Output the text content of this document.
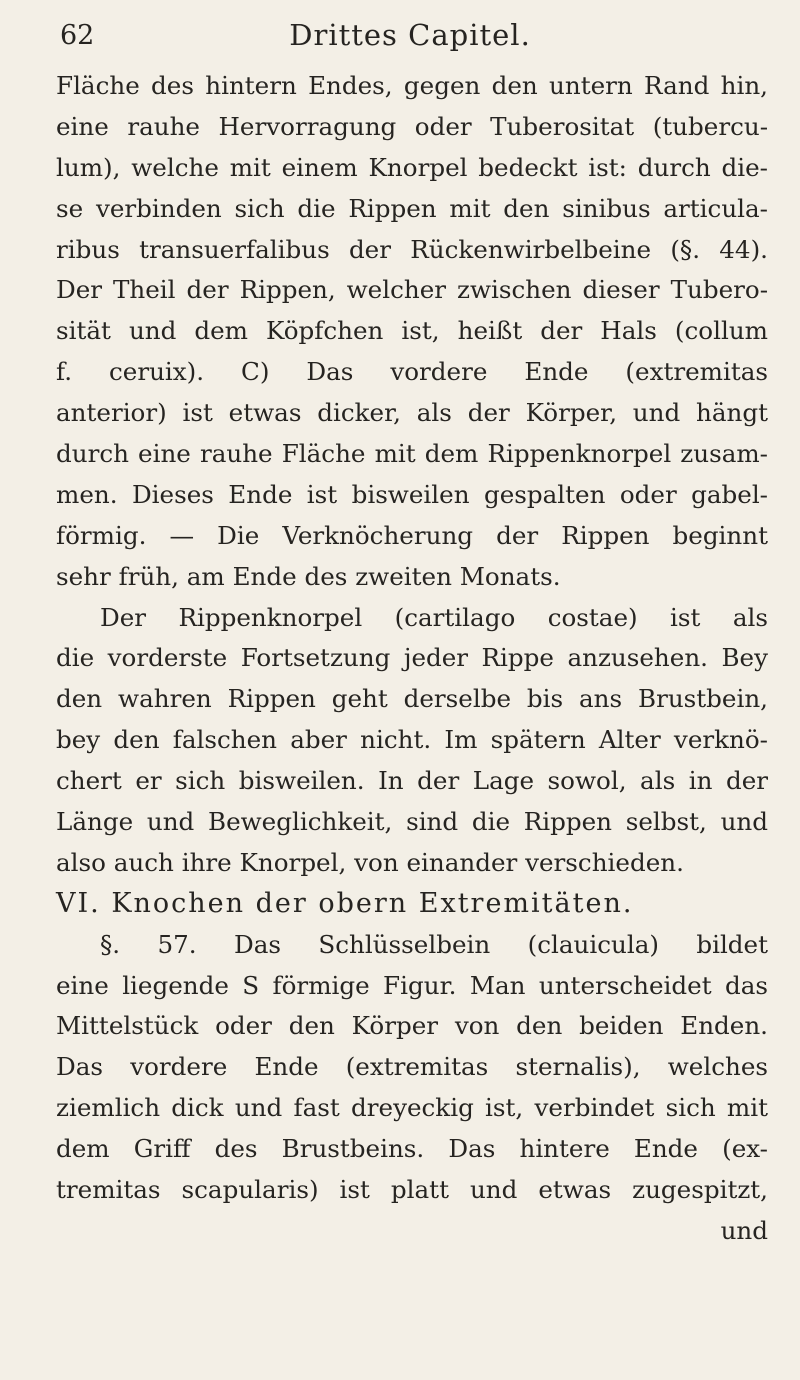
62	Drittes Capitel.
Fläche des hintern Endes, gegen den untern Rand hin,
eine rauhe Hervorragung oder Tuberositat (tubercu-
lum), welche mit einem Knorpel bedeckt ist: durch die-
se verbinden sich die Rippen mit den sinibus articula-
ribus transuerfalibus der Rückenwirbelbeine (§. 44).
Der Theil der Rippen, welcher zwischen dieser Tubero-
sität und dem Köpfchen ist, heißt der Hals (collum
f. ceruix). C) Das vordere Ende (extremitas
anterior) ist etwas dicker, als der Körper, und hängt
durch eine rauhe Fläche mit dem Rippenknorpel zusam-
men. Dieses Ende ist bisweilen gespalten oder gabel-
förmig. — Die Verknöcherung der Rippen beginnt
sehr früh, am Ende des zweiten Monats.
Der Rippenknorpel (cartilago costae) ist als
die vorderste Fortsetzung jeder Rippe anzusehen. Bey
den wahren Rippen geht derselbe bis ans Brustbein,
bey den falschen aber nicht. Im spätern Alter verknö-
chert er sich bisweilen. In der Lage sowol, als in der
Länge und Beweglichkeit, sind die Rippen selbst, und
also auch ihre Knorpel, von einander verschieden.
VI. Knochen der obern Extremitäten.
§. 57. Das Schlüsselbein (clauicula) bildet
eine liegende S förmige Figur. Man unterscheidet das
Mittelstück oder den Körper von den beiden Enden.
Das vordere Ende (extremitas sternalis), welches
ziemlich dick und fast dreyeckig ist, verbindet sich mit
dem Griff des Brustbeins. Das hintere Ende (ex-
tremitas scapularis) ist platt und etwas zugespitzt,
und
